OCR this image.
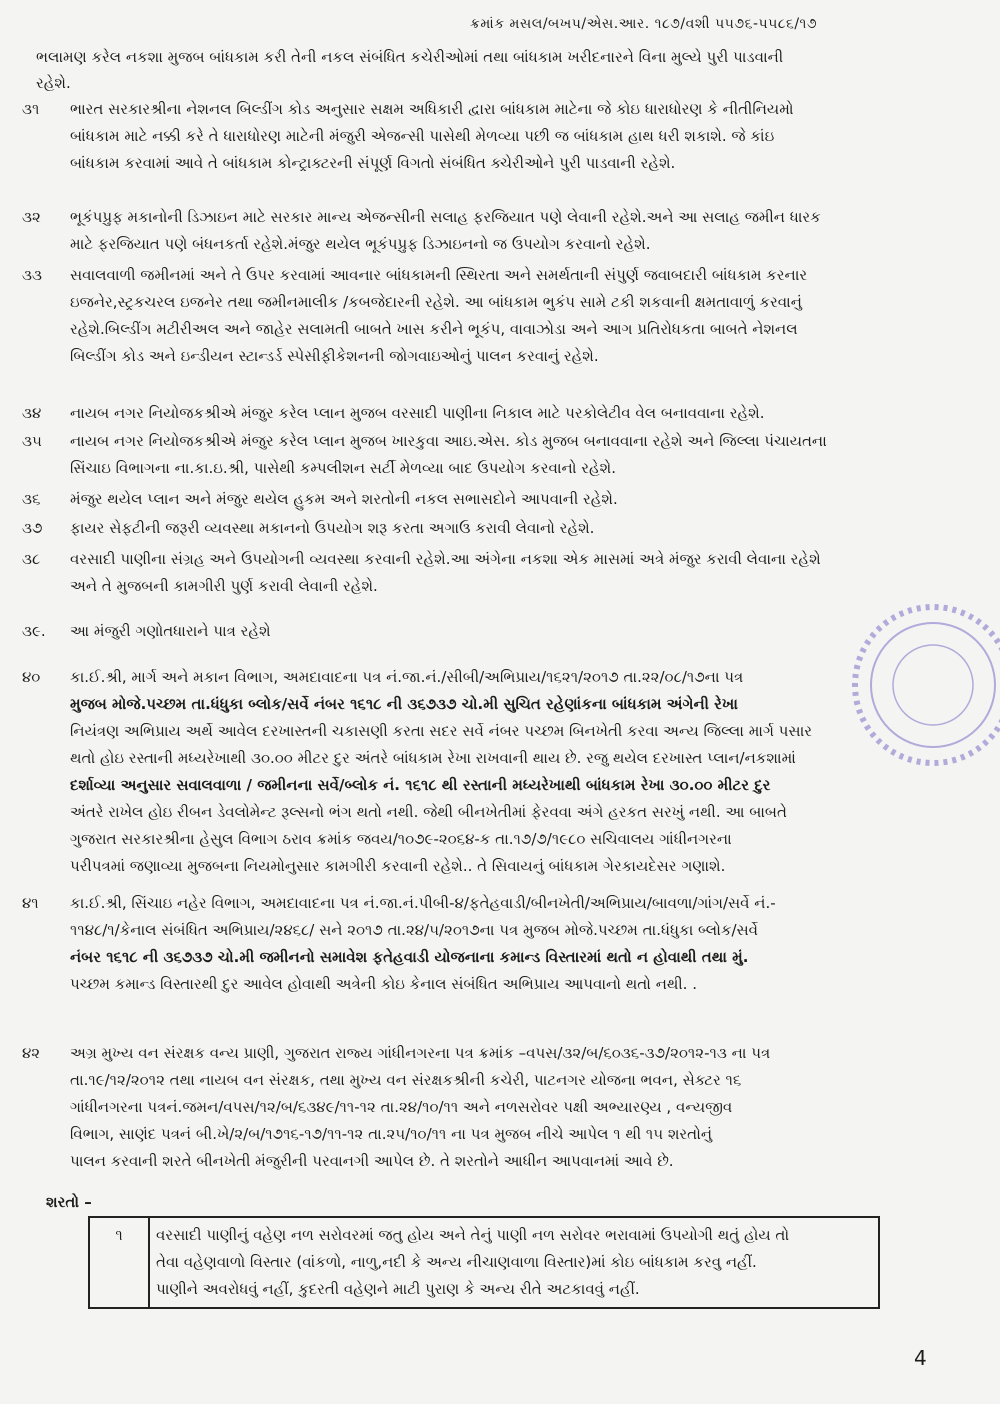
ક્રમાંક મસલ/બખપ/એસ.આર. ૧૮૭/વશી પ૫૭૬-પ૫૮૬/૧૭
ભલામણ કરેલ નકશા મુજબ બાંધકામ કરી તેની નકલ સંબંધિત કચેરીઓમાં તથા બાંધકામ ખરીદનારને વિના મુલ્યે પુરી પાડવાની
રહેશે.
૩૧	ભારત સરકારશ્રીના નેશનલ બિલ્ડીંગ કોડ અનુસાર સક્ષમ અધિકારી દ્વારા બાંધકામ માટેના જે કોઇ ધારાધોરણ કે નીતીનિયમો
બાંધકામ માટે નક્કી કરે તે ધારાધોરણ માટેની મંજુરી એજન્સી પાસેથી મેળવ્યા પછી જ બાંધકામ હાથ ધરી શકાશે. જે કાંઇ
બાંધકામ કરવામાં આવે તે બાંધકામ કોન્ટ્રાક્ટરની સંપૂર્ણ વિગતો સંબંધિત ક્ચેરીઓને પુરી પાડવાની રહેશે.
૩૨	ભૂકંપપ્રુફ મકાનોની ડિઝાઇન માટે સરકાર માન્ય એજન્સીની સલાહ ફરજિયાત પણે લેવાની રહેશે.અને આ સલાહ જમીન ધારક
માટે ફરજિયાત પણે બંધનકર્તા રહેશે.મંજુર થયેલ ભૂકંપપ્રુફ ડિઝાઇનનો જ ઉપયોગ કરવાનો રહેશે.
૩૩	સવાલવાળી જમીનમાં અને તે ઉપર કરવામાં આવનાર બાંધકામની સ્થિરતા અને સમર્થતાની સંપુર્ણ જવાબદારી બાંધકામ કરનાર
ઇજનેર,સ્ટ્રકચરલ ઇજનેર તથા જમીનમાલીક /કબજેદારની રહેશે. આ બાંધકામ ભુકંપ સામે ટકી શકવાની ક્ષમતાવાળું કરવાનું
રહેશે.બિલ્ડીંગ મટીરીઅલ અને જાહેર સલામતી બાબતે ખાસ કરીને ભૂકંપ, વાવાઝોડા અને આગ પ્રતિરોધકતા બાબતે નેશનલ
બિલ્ડીંગ કોડ અને ઇન્ડીયન સ્ટાન્ડર્ડ સ્પેસીફીકેશનની જોગવાઇઓનું પાલન કરવાનું રહેશે.
૩૪	નાયબ નગર નિયોજકશ્રીએ મંજુર કરેલ પ્લાન મુજબ વરસાદી પાણીના નિકાલ માટે પરકોલેટીવ વેલ બનાવવાના રહેશે.
૩૫	નાયબ નગર નિયોજકશ્રીએ મંજુર કરેલ પ્લાન મુજબ ખારકુવા આઇ.એસ. કોડ મુજબ બનાવવાના રહેશે અને જિલ્લા પંચાયતના
સિંચાઇ વિભાગના ના.કા.ઇ.શ્રી, પાસેથી કમ્પલીશન સર્ટી મેળવ્યા બાદ ઉપયોગ કરવાનો રહેશે.
૩૬	મંજુર થયેલ પ્લાન અને મંજુર થયેલ હુકમ અને શરતોની નકલ સભાસદોને આપવાની રહેશે.
૩૭	ફાયર સેફટીની જરૂરી વ્યવસ્થા મકાનનો ઉપયોગ શરૂ કરતા અગાઉ કરાવી લેવાનો રહેશે.
૩૮	વરસાદી પાણીના સંગ્રહ અને ઉપયોગની વ્યવસ્થા કરવાની રહેશે.આ અંગેના નકશા એક માસમાં અત્રે મંજુર કરાવી લેવાના રહેશે
અને તે મુજબની કામગીરી પુર્ણ કરાવી લેવાની રહેશે.
૩૯.	આ મંજુરી ગણોતધારાને પાત્ર રહેશે
૪૦	કા.ઈ.શ્રી, માર્ગ અને મકાન વિભાગ, અમદાવાદના પત્ર નં.જા.નં./સીબી/અભિપ્રાય/૧૬૨૧/૨૦૧૭ તા.૨૨/૦૮/૧૭ના પત્ર
મુજબ મોજે.પચ્છમ તા.ધંધુકા બ્લોક/સર્વે નંબર ૧૬૧૮ ની ૩૬૭૩૭ ચો.મી સુચિત રહેણાંકના બાંધકામ અંગેની રેખા
નિયંત્રણ અભિપ્રાય અર્થે આવેલ દરખાસ્તની ચકાસણી કરતા સદર સર્વે નંબર પચ્છમ બિનખેતી કરવા અન્ય જિલ્લા માર્ગ પસાર
થતો હોઇ રસ્તાની મધ્યરેખાથી ૩૦.૦૦ મીટર દુર અંતરે બાંધકામ રેખા રાખવાની થાય છે. રજુ થયેલ દરખાસ્ત પ્લાન/નકશામાં
દર્શાવ્યા અનુસાર સવાલવાળા / જમીનના સર્વે/બ્લોક નં. ૧૬૧૮ થી રસ્તાની મધ્યરેખાથી બાંધકામ રેખા ૩૦.૦૦ મીટર દુર
અંતરે રાખેલ હોઇ રીબન ડેવલોમેન્ટ રૂલ્સનો ભંગ થતો નથી. જેથી બીનખેતીમાં ફેરવવા અંગે હરકત સરખું નથી. આ બાબતે
ગુજરાત સરકારશ્રીના હેસુલ વિભાગ ઠરાવ ક્રમાંક જવય/૧૦૭૯-૨૦૬૪-ક તા.૧૭/૭/૧૯૮૦ સચિવાલય ગાંધીનગરના
પરીપત્રમાં જણાવ્યા મુજબના નિયમોનુસાર કામગીરી કરવાની રહેશે.. તે સિવાયનું બાંધકામ ગેરકાયદેસર ગણાશે.
૪૧	કા.ઈ.શ્રી, સિંચાઇ નહેર વિભાગ, અમદાવાદના પત્ર નં.જા.નં.પીબી-૪/ફતેહવાડી/બીનખેતી/અભિપ્રાય/બાવળા/ગાંગ/સર્વે નં.-
૧૧૪૮/૧/કેનાલ સંબંધિત અભિપ્રાય/૨૪૬૮/ સને ૨૦૧૭ તા.૨૪/૫/૨૦૧૭ના પત્ર મુજબ મોજે.પચ્છમ તા.ધંધુકા બ્લોક/સર્વે
નંબર ૧૬૧૮ ની ૩૬૭૩૭ ચો.મી જમીનનો સમાવેશ ફતેહવાડી યોજનાના કમાન્ડ વિસ્તારમાં થતો ન હોવાથી તથા મું.
પચ્છમ કમાન્ડ વિસ્તારથી દુર આવેલ હોવાથી અત્રેની કોઇ કેનાલ સંબંધિત અભિપ્રાય આપવાનો થતો નથી. .
૪૨	અગ્ર મુખ્ય વન સંરક્ષક વન્ય પ્રાણી, ગુજરાત રાજ્ય ગાંધીનગરના પત્ર ક્રમાંક –વપસ/૩૨/બ/૬૦૩૬-૩૭/૨૦૧૨-૧૩ ના પત્ર
તા.૧૯/૧૨/૨૦૧૨ તથા નાયબ વન સંરક્ષક, તથા મુખ્ય વન સંરક્ષકશ્રીની કચેરી, પાટનગર યોજના ભવન, સેક્ટર ૧૬
ગાંધીનગરના પત્રનં.જમન/વપસ/૧૨/બ/૬૩૪૯/૧૧-૧૨ તા.૨૪/૧૦/૧૧ અને નળસરોવર પક્ષી અભ્યારણ્ય , વન્યજીવ
વિભાગ, સાણંદ પત્રનં બી.ખે/૨/બ/૧૭૧૬-૧૭/૧૧-૧૨ તા.૨૫/૧૦/૧૧ ના પત્ર મુજબ નીચે આપેલ ૧ થી ૧૫ શરતોનું
પાલન કરવાની શરતે બીનખેતી મંજુરીની પરવાનગી આપેલ છે. તે શરતોને આધીન આપવાનમાં આવે છે.
શરતો –
૧	વરસાદી પાણીનું વહેણ નળ સરોવરમાં જતુ હોય અને તેનું પાણી નળ સરોવર ભરાવામાં ઉપયોગી થતું હોય તો
તેવા વહેણવાળો વિસ્તાર (વાંકળો, નાળુ,નદી કે અન્ય નીચાણવાળા વિસ્તાર)માં કોઇ બાંધકામ કરવુ નહીં.
પાણીને અવરોધવું નહીં, કુદરતી વહેણને માટી પુરાણ કે અન્ય રીતે અટકાવવું નહીં.
4
